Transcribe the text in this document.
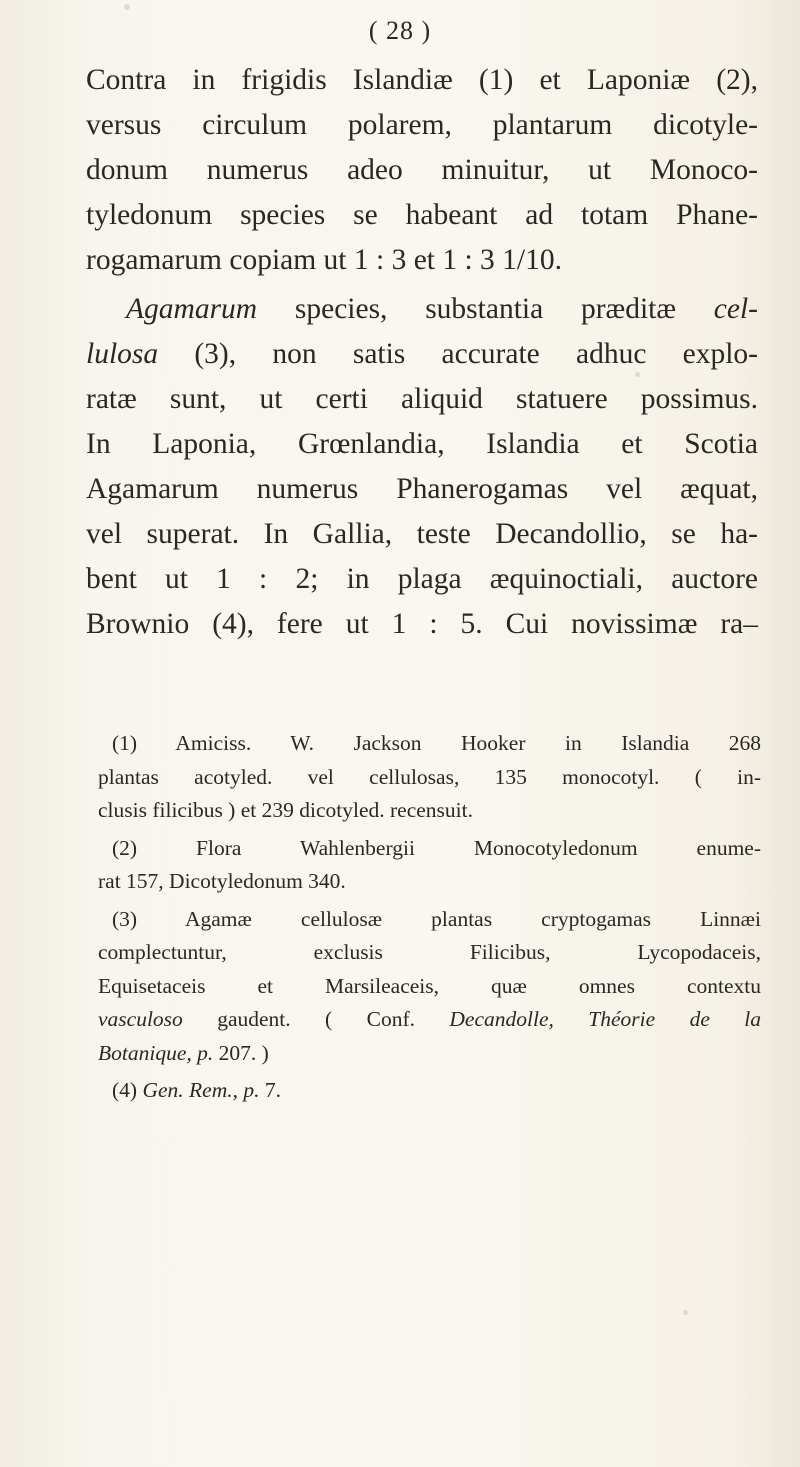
( 28 )
Contra in frigidis Islandiæ (1) et Laponiæ (2),
versus circulum polarem, plantarum dicotyle-
donum numerus adeo minuitur, ut Monoco-
tyledonum species se habeant ad totam Phane-
rogamarum copiam ut 1 : 3 et 1 : 3 1/10.
Agamarum species, substantia præditæ cel-
lulosa (3), non satis accurate adhuc explo-
ratæ sunt, ut certi aliquid statuere possimus.
In Laponia, Grœnlandia, Islandia et Scotia
Agamarum numerus Phanerogamas vel æquat,
vel superat. In Gallia, teste Decandollio, se ha-
bent ut 1 : 2; in plaga æquinoctiali, auctore
Brownio (4), fere ut 1 : 5. Cui novissimæ ra–
(1) Amiciss. W. Jackson Hooker in Islandia 268
plantas acotyled. vel cellulosas, 135 monocotyl. ( in-
clusis filicibus ) et 239 dicotyled. recensuit.
(2) Flora Wahlenbergii Monocotyledonum enume-
rat 157, Dicotyledonum 340.
(3) Agamæ cellulosæ plantas cryptogamas Linnæi
complectuntur, exclusis Filicibus, Lycopodaceis,
Equisetaceis et Marsileaceis, quæ omnes contextu
vasculoso gaudent. ( Conf. Decandolle, Théorie de la
Botanique, p. 207. )
(4) Gen. Rem., p. 7.
